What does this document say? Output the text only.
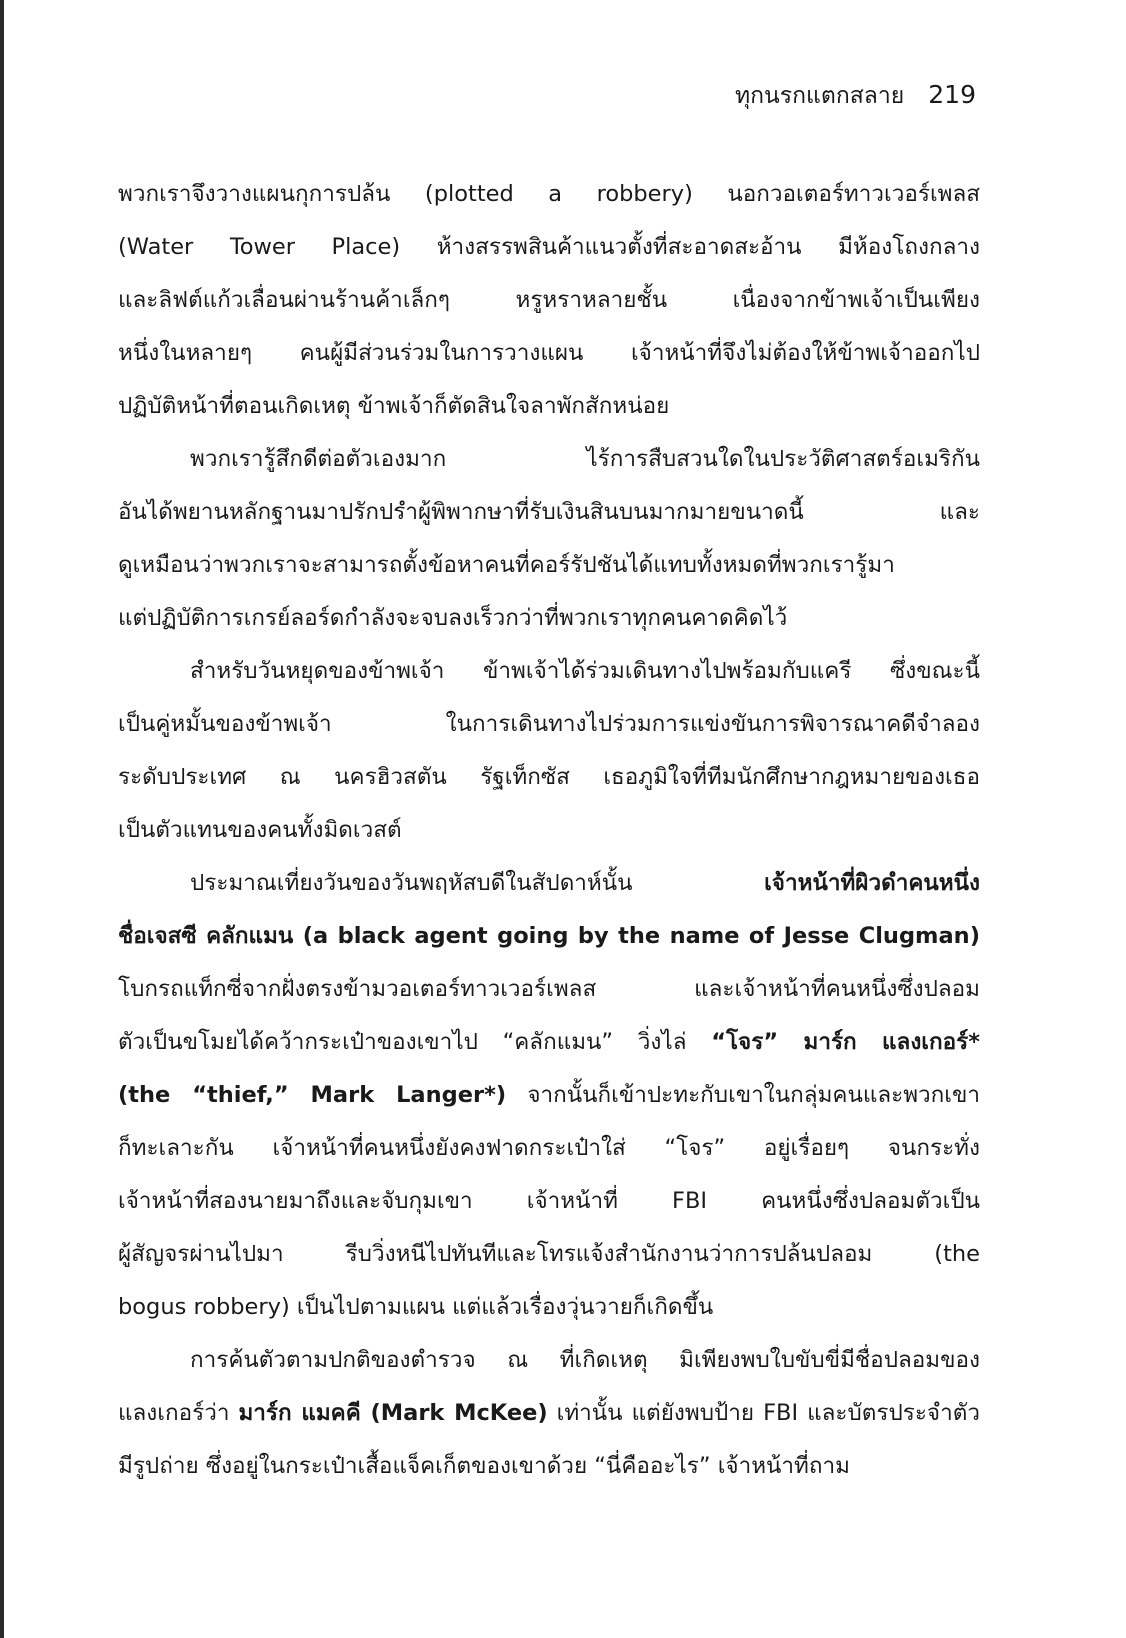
ทุกนรกแตกสลาย 219
พวกเราจึงวางแผนกุการปล้น (plotted a robbery) นอกวอเตอร์ทาวเวอร์เพลส
(Water Tower Place) ห้างสรรพสินค้าแนวตั้งที่สะอาดสะอ้าน มีห้องโถงกลาง
และลิฟต์แก้วเลื่อนผ่านร้านค้าเล็กๆ หรูหราหลายชั้น เนื่องจากข้าพเจ้าเป็นเพียง
หนึ่งในหลายๆ คนผู้มีส่วนร่วมในการวางแผน เจ้าหน้าที่จึงไม่ต้องให้ข้าพเจ้าออกไป
ปฏิบัติหน้าที่ตอนเกิดเหตุ ข้าพเจ้าก็ตัดสินใจลาพักสักหน่อย
พวกเรารู้สึกดีต่อตัวเองมาก ไร้การสืบสวนใดในประวัติศาสตร์อเมริกัน
อันได้พยานหลักฐานมาปรักปรำผู้พิพากษาที่รับเงินสินบนมากมายขนาดนี้ และ
ดูเหมือนว่าพวกเราจะสามารถตั้งข้อหาคนที่คอร์รัปชันได้แทบทั้งหมดที่พวกเรารู้มา
แต่ปฏิบัติการเกรย์ลอร์ดกำลังจะจบลงเร็วกว่าที่พวกเราทุกคนคาดคิดไว้
สำหรับวันหยุดของข้าพเจ้า ข้าพเจ้าได้ร่วมเดินทางไปพร้อมกับแครี ซึ่งขณะนี้
เป็นคู่หมั้นของข้าพเจ้า ในการเดินทางไปร่วมการแข่งขันการพิจารณาคดีจำลอง
ระดับประเทศ ณ นครฮิวสตัน รัฐเท็กซัส เธอภูมิใจที่ทีมนักศึกษากฎหมายของเธอ
เป็นตัวแทนของคนทั้งมิดเวสต์
ประมาณเที่ยงวันของวันพฤหัสบดีในสัปดาห์นั้น เจ้าหน้าที่ผิวดำคนหนึ่ง
ชื่อเจสซี คลักแมน (a black agent going by the name of Jesse Clugman)
โบกรถแท็กซี่จากฝั่งตรงข้ามวอเตอร์ทาวเวอร์เพลส และเจ้าหน้าที่คนหนึ่งซึ่งปลอม
ตัวเป็นขโมยได้คว้ากระเป๋าของเขาไป “คลักแมน” วิ่งไล่ “โจร” มาร์ก แลงเกอร์*
(the “thief,” Mark Langer*) จากนั้นก็เข้าปะทะกับเขาในกลุ่มคนและพวกเขา
ก็ทะเลาะกัน เจ้าหน้าที่คนหนึ่งยังคงฟาดกระเป๋าใส่ “โจร” อยู่เรื่อยๆ จนกระทั่ง
เจ้าหน้าที่สองนายมาถึงและจับกุมเขา เจ้าหน้าที่ FBI คนหนึ่งซึ่งปลอมตัวเป็น
ผู้สัญจรผ่านไปมา รีบวิ่งหนีไปทันทีและโทรแจ้งสำนักงานว่าการปล้นปลอม (the
bogus robbery) เป็นไปตามแผน แต่แล้วเรื่องวุ่นวายก็เกิดขึ้น
การค้นตัวตามปกติของตำรวจ ณ ที่เกิดเหตุ มิเพียงพบใบขับขี่มีชื่อปลอมของ
แลงเกอร์ว่า มาร์ก แมคคี (Mark McKee) เท่านั้น แต่ยังพบป้าย FBI และบัตรประจำตัว
มีรูปถ่าย ซึ่งอยู่ในกระเป๋าเสื้อแจ็คเก็ตของเขาด้วย “นี่คืออะไร” เจ้าหน้าที่ถาม
